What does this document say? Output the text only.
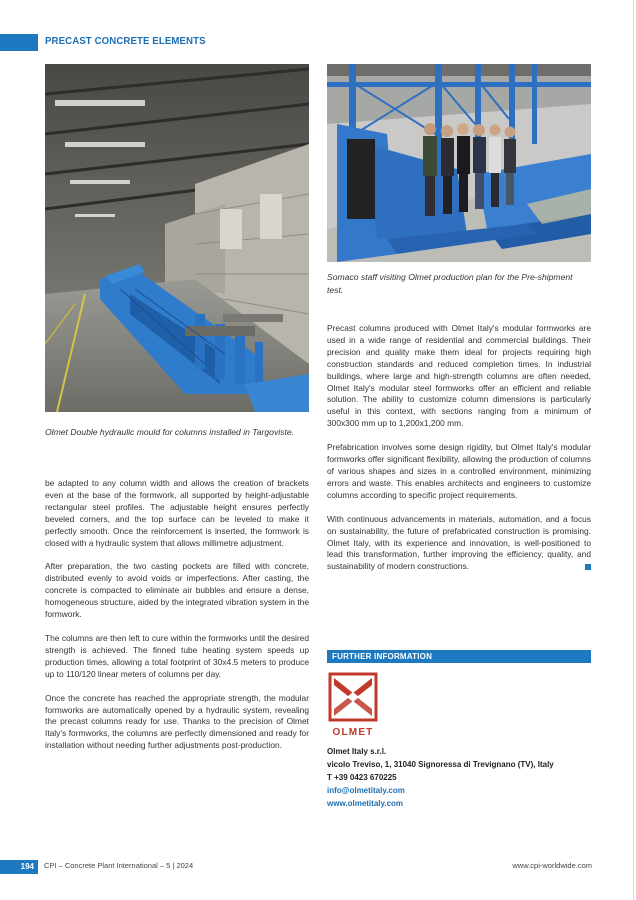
PRECAST CONCRETE ELEMENTS
Olmet Double hydraulic mould for columns installed in Targoviste.
Somaco staff visiting Olmet production plan for the Pre-shipment test.

be adapted to any column width and allows the creation of brackets even at the base of the formwork, all supported by height-adjustable rectangular steel profiles. The adjustable height ensures perfectly beveled corners, and the top surface can be leveled to make it perfectly smooth. Once the reinforcement is inserted, the formwork is closed with a hydraulic system that allows millimetre adjustment.

After preparation, the two casting pockets are filled with concrete, distributed evenly to avoid voids or imperfections. After casting, the concrete is compacted to eliminate air bubbles and ensure a dense, homogeneous structure, aided by the integrated vibration system in the formwork.

The columns are then left to cure within the formworks until the desired strength is achieved. The finned tube heating system speeds up production times, allowing a total footprint of 30x4.5 meters to produce up to 110/120 linear meters of columns per day.

Once the concrete has reached the appropriate strength, the modular formworks are automatically opened by a hydraulic system, revealing the precast columns ready for use. Thanks to the precision of Olmet Italy's formworks, the columns are perfectly dimensioned and ready for installation without needing further adjustments post-production.

Precast columns produced with Olmet Italy's modular formworks are used in a wide range of residential and commercial buildings. Their precision and quality make them ideal for projects requiring high construction standards and reduced completion times. In industrial buildings, where large and high-strength columns are often needed, Olmet Italy's modular steel formworks offer an efficient and reliable solution. The ability to customize column dimensions is particularly useful in this context, with sections ranging from a minimum of 300x300 mm up to 1,200x1,200 mm.

Prefabrication involves some design rigidity, but Olmet Italy's modular formworks offer significant flexibility, allowing the production of columns of various shapes and sizes in a controlled environment, minimizing errors and waste. This enables architects and engineers to customize columns according to specific project requirements.

With continuous advancements in materials, automation, and a focus on sustainability, the future of prefabricated construction is promising. Olmet Italy, with its experience and innovation, is well-positioned to lead this transformation, further improving the efficiency, quality, and sustainability of modern constructions.

FURTHER INFORMATION
OLMET
Olmet Italy s.r.l.
vicolo Treviso, 1, 31040 Signoressa di Trevignano (TV), Italy
T +39 0423 670225
info@olmetitaly.com
www.olmetitaly.com
194	CPI – Concrete Plant International – 5 | 2024	www.cpi-worldwide.com
